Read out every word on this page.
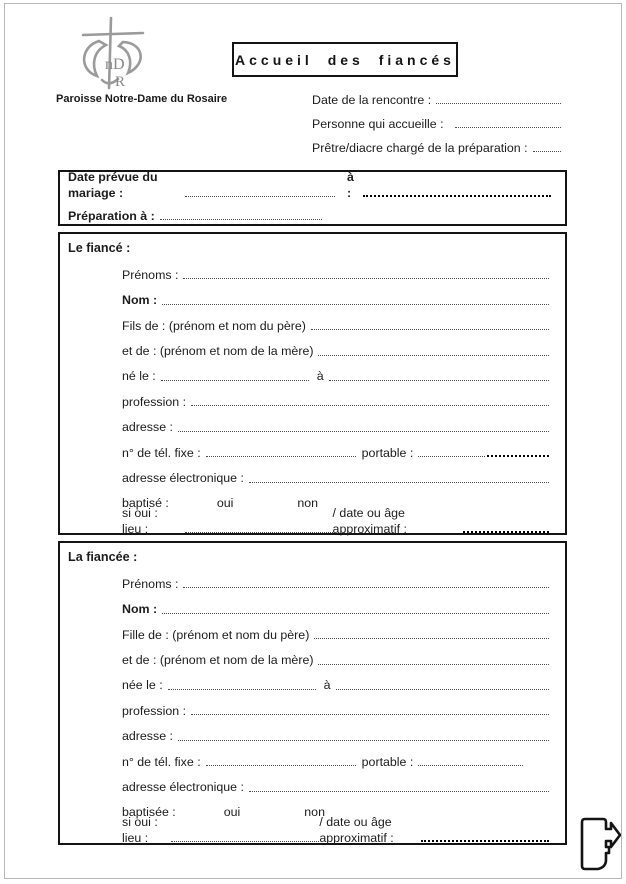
nD
R
Paroisse Notre-Dame du Rosaire
Accueil des fiancés
Date de la rencontre :
Personne qui accueille :
Prêtre/diacre chargé de la préparation :
Date prévue du mariage :
à :
Préparation à :
Le fiancé :
Prénoms :
Nom :
Fils de : (prénom et nom du père)
et de : (prénom et nom de la mère)
né le :	à
profession :
adresse :
n° de tél. fixe :	portable :
adresse électronique :
baptisé :	oui	non
si oui :  lieu :
/ date ou âge approximatif :
La fiancée :
Prénoms :
Nom :
Fille de : (prénom et nom du père)
et de : (prénom et nom de la mère)
née le :	à
profession :
adresse :
n° de tél. fixe :	portable :
adresse électronique :
baptisée :	oui	non
si oui :  lieu :
/ date ou âge approximatif :
